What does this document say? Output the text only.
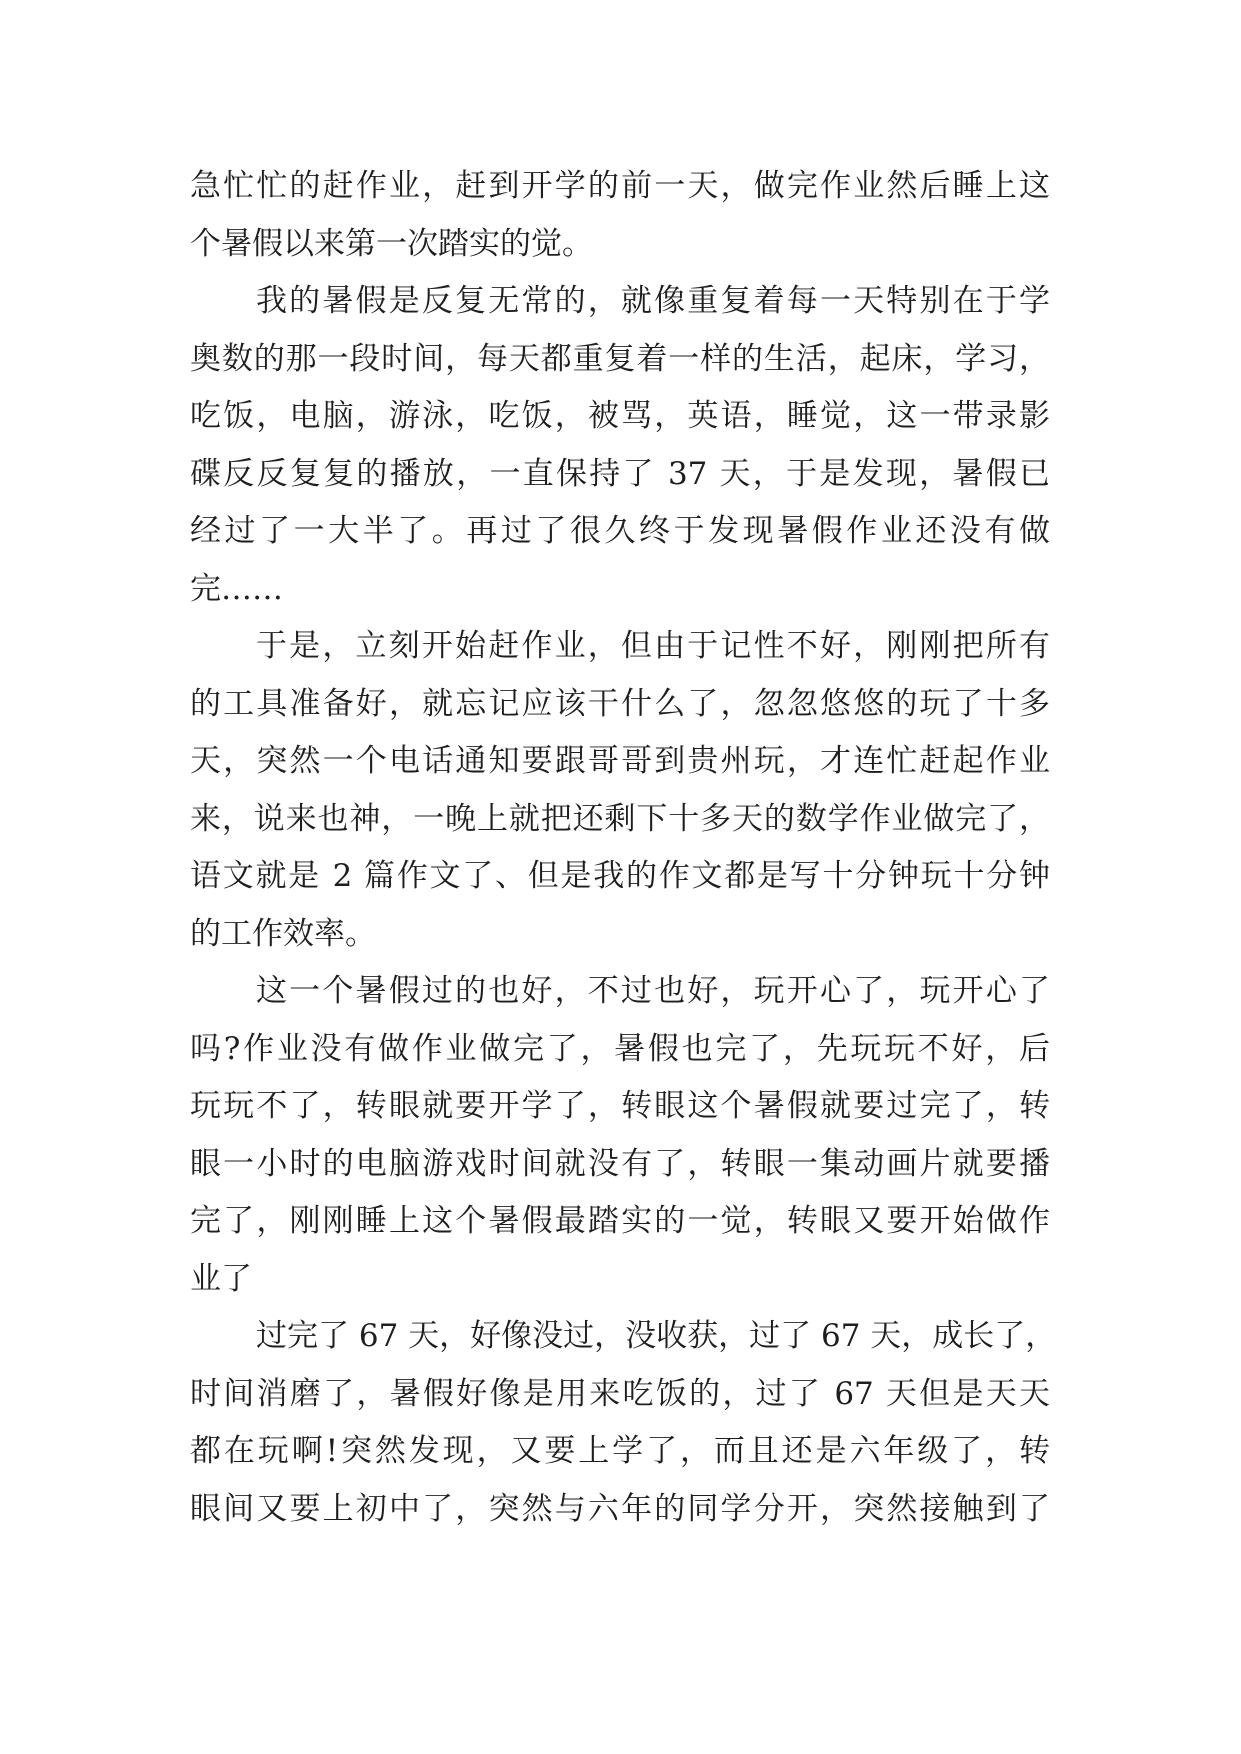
急忙忙的赶作业，赶到开学的前一天，做完作业然后睡上这
个暑假以来第一次踏实的觉。
我的暑假是反复无常的，就像重复着每一天特别在于学
奥数的那一段时间，每天都重复着一样的生活，起床，学习，
吃饭，电脑，游泳，吃饭，被骂，英语，睡觉，这一带录影
碟反反复复的播放，一直保持了 37 天，于是发现，暑假已
经过了一大半了。再过了很久终于发现暑假作业还没有做
完……
于是，立刻开始赶作业，但由于记性不好，刚刚把所有
的工具准备好，就忘记应该干什么了，忽忽悠悠的玩了十多
天，突然一个电话通知要跟哥哥到贵州玩，才连忙赶起作业
来，说来也神，一晚上就把还剩下十多天的数学作业做完了，
语文就是 2 篇作文了、但是我的作文都是写十分钟玩十分钟
的工作效率。
这一个暑假过的也好，不过也好，玩开心了，玩开心了
吗?作业没有做作业做完了，暑假也完了，先玩玩不好，后
玩玩不了，转眼就要开学了，转眼这个暑假就要过完了，转
眼一小时的电脑游戏时间就没有了，转眼一集动画片就要播
完了，刚刚睡上这个暑假最踏实的一觉，转眼又要开始做作
业了
过完了 67 天，好像没过，没收获，过了 67 天，成长了，
时间消磨了，暑假好像是用来吃饭的，过了 67 天但是天天
都在玩啊!突然发现，又要上学了，而且还是六年级了，转
眼间又要上初中了，突然与六年的同学分开，突然接触到了
